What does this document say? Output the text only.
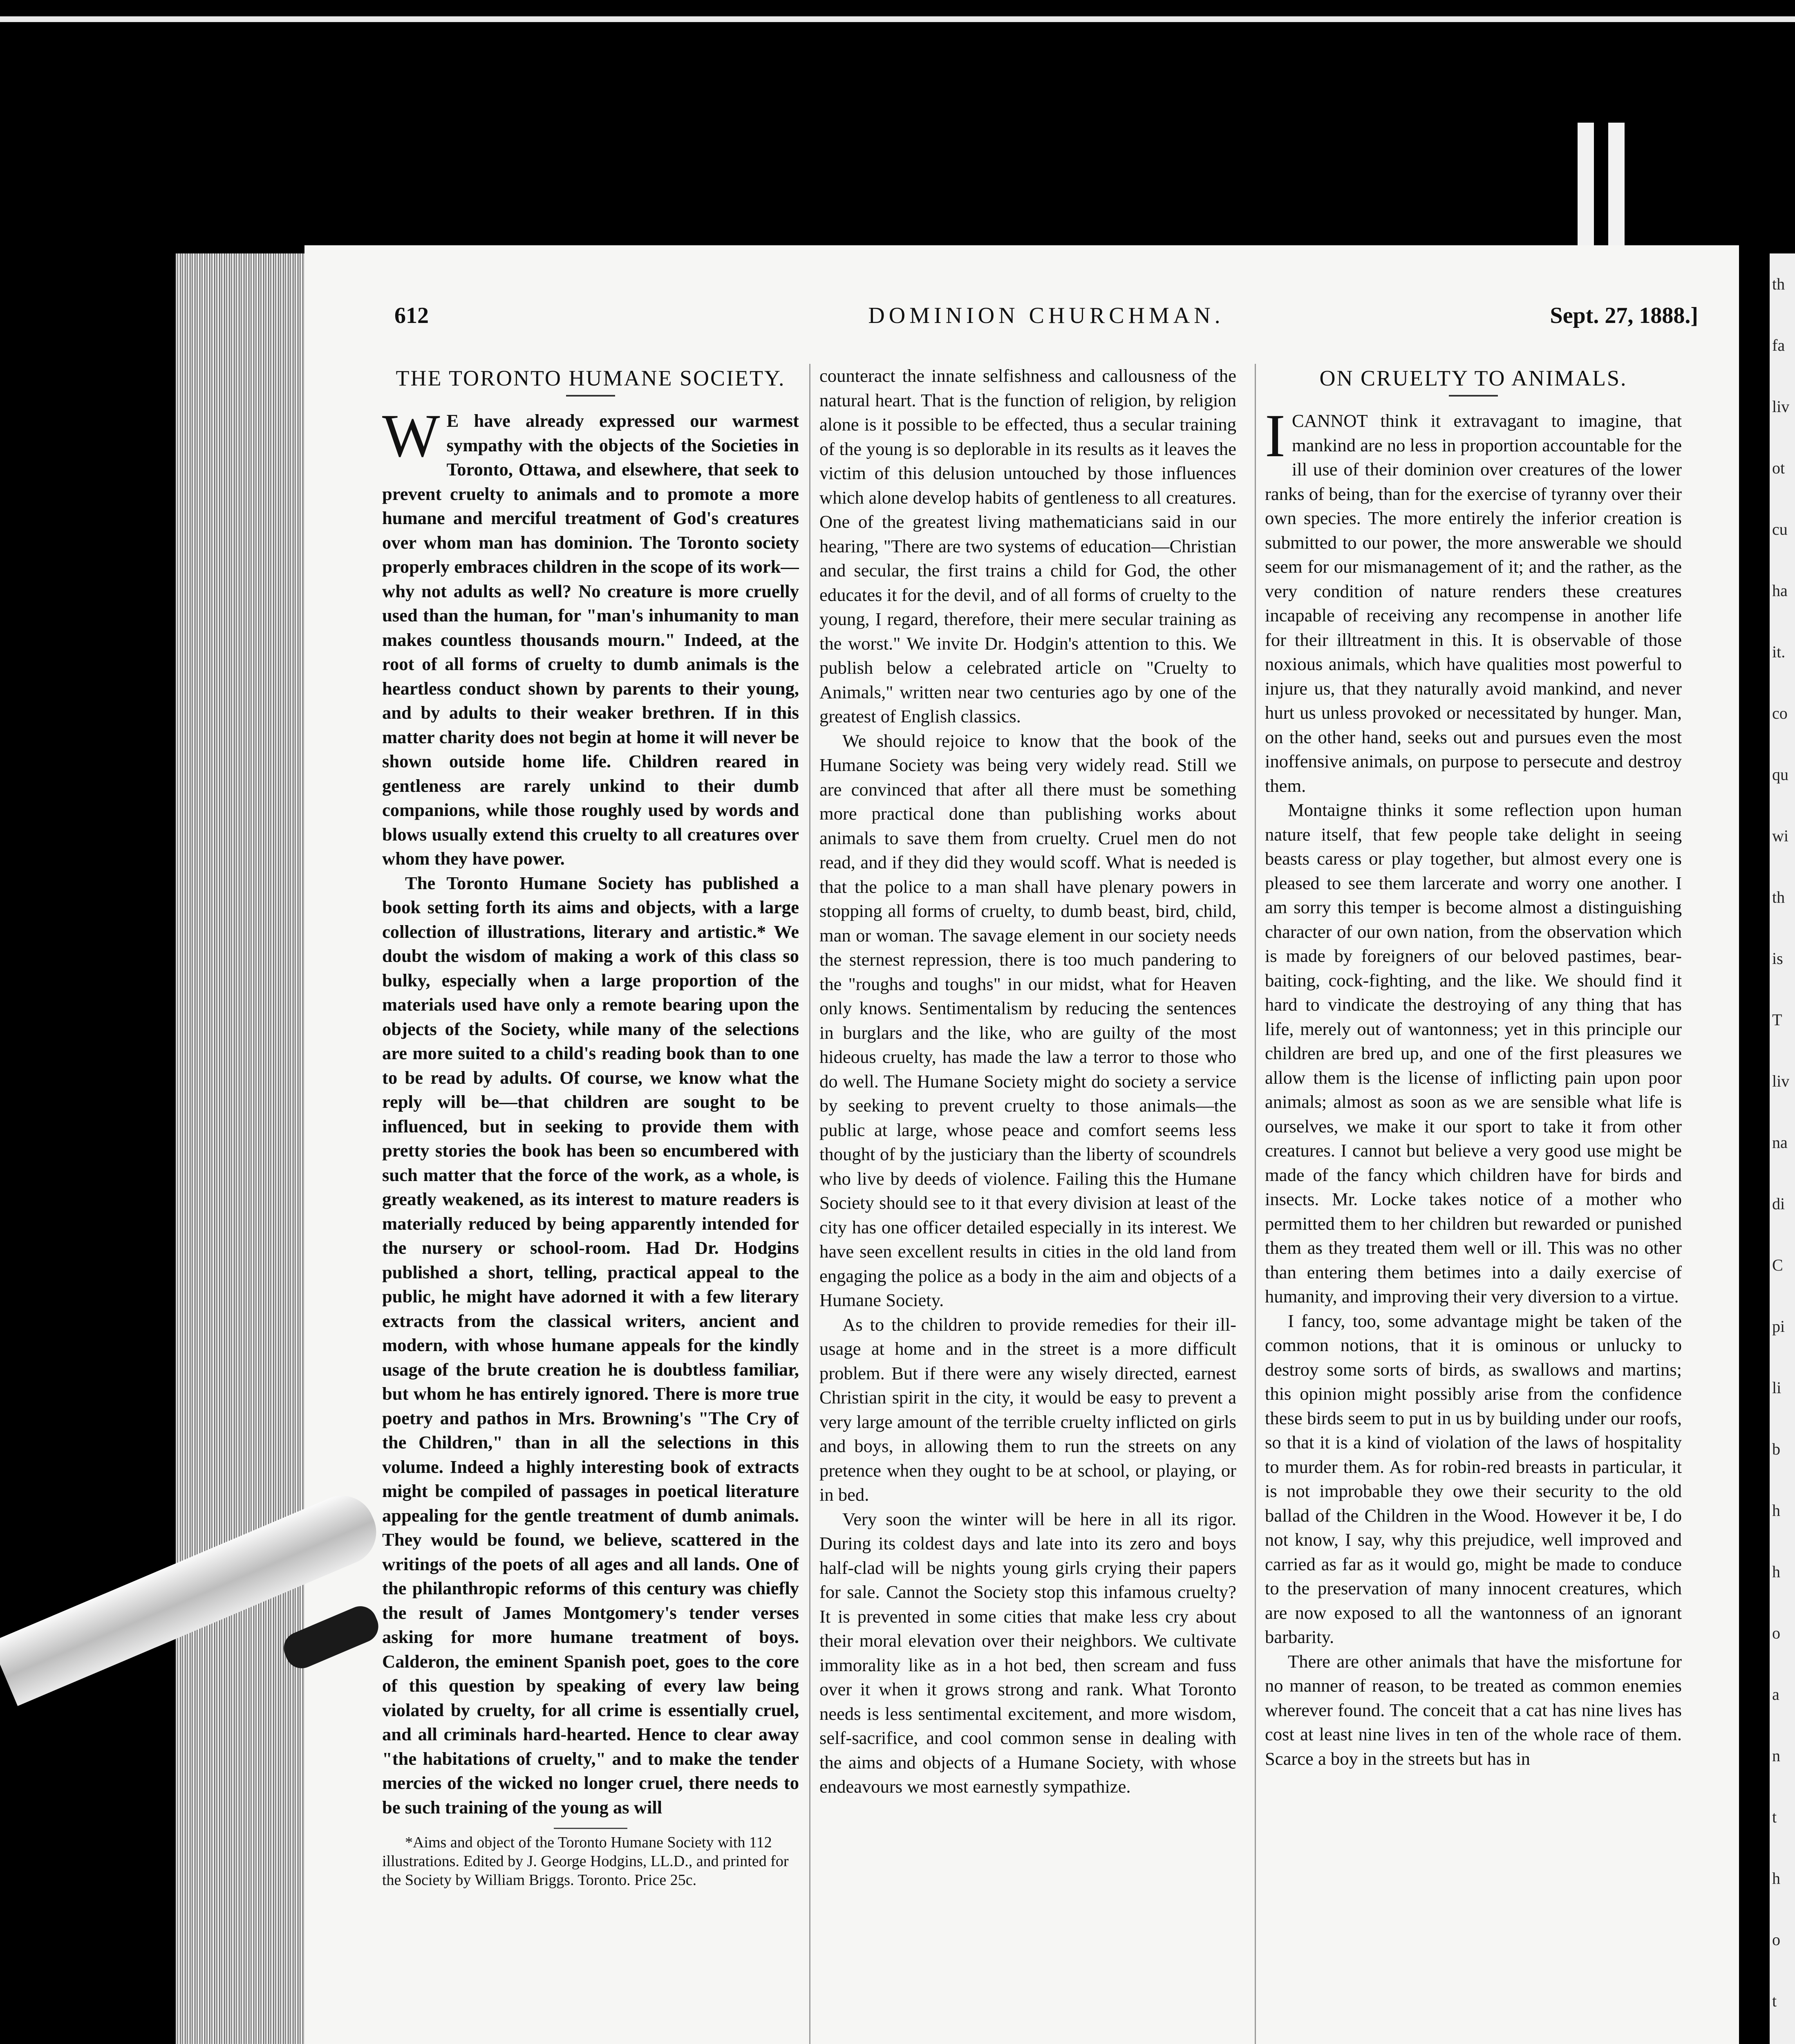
th
fa
liv
ot
cu
ha
it.
co
qu
wi
th
is
T
liv
na
di
C
pi
li
b
h
h
o
a
n
t
h
o
t
612	DOMINION CHURCHMAN.	Sept. 27, 1888.]
THE TORONTO HUMANE SOCIETY.

W E have already expressed our warmest sympathy with the objects of the Societies in Toronto, Ottawa, and elsewhere, that seek to prevent cruelty to animals and to promote a more humane and merciful treatment of God's creatures over whom man has dominion. The Toronto society properly embraces children in the scope of its work—why not adults as well? No creature is more cruelly used than the human, for "man's inhumanity to man makes countless thousands mourn." Indeed, at the root of all forms of cruelty to dumb animals is the heartless conduct shown by parents to their young, and by adults to their weaker brethren. If in this matter charity does not begin at home it will never be shown outside home life. Children reared in gentleness are rarely unkind to their dumb companions, while those roughly used by words and blows usually extend this cruelty to all creatures over whom they have power.

The Toronto Humane Society has published a book setting forth its aims and objects, with a large collection of illustrations, literary and artistic.* We doubt the wisdom of making a work of this class so bulky, especially when a large proportion of the materials used have only a remote bearing upon the objects of the Society, while many of the selections are more suited to a child's reading book than to one to be read by adults. Of course, we know what the reply will be—that children are sought to be influenced, but in seeking to provide them with pretty stories the book has been so encumbered with such matter that the force of the work, as a whole, is greatly weakened, as its interest to mature readers is materially reduced by being apparently intended for the nursery or school-room. Had Dr. Hodgins published a short, telling, practical appeal to the public, he might have adorned it with a few literary extracts from the classical writers, ancient and modern, with whose humane appeals for the kindly usage of the brute creation he is doubtless familiar, but whom he has entirely ignored. There is more true poetry and pathos in Mrs. Browning's "The Cry of the Children," than in all the selections in this volume. Indeed a highly interesting book of extracts might be compiled of passages in poetical literature appealing for the gentle treatment of dumb animals. They would be found, we believe, scattered in the writings of the poets of all ages and all lands. One of the philanthropic reforms of this century was chiefly the result of James Montgomery's tender verses asking for more humane treatment of boys. Calderon, the eminent Spanish poet, goes to the core of this question by speaking of every law being violated by cruelty, for all crime is essentially cruel, and all criminals hard-hearted. Hence to clear away "the habitations of cruelty," and to make the tender mercies of the wicked no longer cruel, there needs to be such training of the young as will

*Aims and object of the Toronto Humane Society with 112 illustrations. Edited by J. George Hodgins, LL.D., and printed for the Society by William Briggs. Toronto. Price 25c.

counteract the innate selfishness and callousness of the natural heart. That is the function of religion, by religion alone is it possible to be effected, thus a secular training of the young is so deplorable in its results as it leaves the victim of this delusion untouched by those influences which alone develop habits of gentleness to all creatures. One of the greatest living mathematicians said in our hearing, "There are two systems of education—Christian and secular, the first trains a child for God, the other educates it for the devil, and of all forms of cruelty to the young, I regard, therefore, their mere secular training as the worst." We invite Dr. Hodgin's attention to this. We publish below a celebrated article on "Cruelty to Animals," written near two centuries ago by one of the greatest of English classics.

We should rejoice to know that the book of the Humane Society was being very widely read. Still we are convinced that after all there must be something more practical done than publishing works about animals to save them from cruelty. Cruel men do not read, and if they did they would scoff. What is needed is that the police to a man shall have plenary powers in stopping all forms of cruelty, to dumb beast, bird, child, man or woman. The savage element in our society needs the sternest repression, there is too much pandering to the "roughs and toughs" in our midst, what for Heaven only knows. Sentimentalism by reducing the sentences in burglars and the like, who are guilty of the most hideous cruelty, has made the law a terror to those who do well. The Humane Society might do society a service by seeking to prevent cruelty to those animals—the public at large, whose peace and comfort seems less thought of by the justiciary than the liberty of scoundrels who live by deeds of violence. Failing this the Humane Society should see to it that every division at least of the city has one officer detailed especially in its interest. We have seen excellent results in cities in the old land from engaging the police as a body in the aim and objects of a Humane Society.

As to the children to provide remedies for their ill-usage at home and in the street is a more difficult problem. But if there were any wisely directed, earnest Christian spirit in the city, it would be easy to prevent a very large amount of the terrible cruelty inflicted on girls and boys, in allowing them to run the streets on any pretence when they ought to be at school, or playing, or in bed.

Very soon the winter will be here in all its rigor. During its coldest days and late into its zero and boys half-clad will be nights young girls crying their papers for sale. Cannot the Society stop this infamous cruelty? It is prevented in some cities that make less cry about their moral elevation over their neighbors. We cultivate immorality like as in a hot bed, then scream and fuss over it when it grows strong and rank. What Toronto needs is less sentimental excitement, and more wisdom, self-sacrifice, and cool common sense in dealing with the aims and objects of a Humane Society, with whose endeavours we most earnestly sympathize.

ON CRUELTY TO ANIMALS.

ICANNOT think it extravagant to imagine, that mankind are no less in proportion accountable for the ill use of their dominion over creatures of the lower ranks of being, than for the exercise of tyranny over their own species. The more entirely the inferior creation is submitted to our power, the more answerable we should seem for our mismanagement of it; and the rather, as the very condition of nature renders these creatures incapable of receiving any recompense in another life for their illtreatment in this. It is observable of those noxious animals, which have qualities most powerful to injure us, that they naturally avoid mankind, and never hurt us unless provoked or necessitated by hunger. Man, on the other hand, seeks out and pursues even the most inoffensive animals, on purpose to persecute and destroy them.

Montaigne thinks it some reflection upon human nature itself, that few people take delight in seeing beasts caress or play together, but almost every one is pleased to see them larcerate and worry one another. I am sorry this temper is become almost a distinguishing character of our own nation, from the observation which is made by foreigners of our beloved pastimes, bear-baiting, cock-fighting, and the like. We should find it hard to vindicate the destroying of any thing that has life, merely out of wantonness; yet in this principle our children are bred up, and one of the first pleasures we allow them is the license of inflicting pain upon poor animals; almost as soon as we are sensible what life is ourselves, we make it our sport to take it from other creatures. I cannot but believe a very good use might be made of the fancy which children have for birds and insects. Mr. Locke takes notice of a mother who permitted them to her children but rewarded or punished them as they treated them well or ill. This was no other than entering them betimes into a daily exercise of humanity, and improving their very diversion to a virtue.

I fancy, too, some advantage might be taken of the common notions, that it is ominous or unlucky to destroy some sorts of birds, as swallows and martins; this opinion might possibly arise from the confidence these birds seem to put in us by building under our roofs, so that it is a kind of violation of the laws of hospitality to murder them. As for robin-red breasts in particular, it is not improbable they owe their security to the old ballad of the Children in the Wood. However it be, I do not know, I say, why this prejudice, well improved and carried as far as it would go, might be made to conduce to the preservation of many innocent creatures, which are now exposed to all the wantonness of an ignorant barbarity.

There are other animals that have the misfortune for no manner of reason, to be treated as common enemies wherever found. The conceit that a cat has nine lives has cost at least nine lives in ten of the whole race of them. Scarce a boy in the streets but has in
